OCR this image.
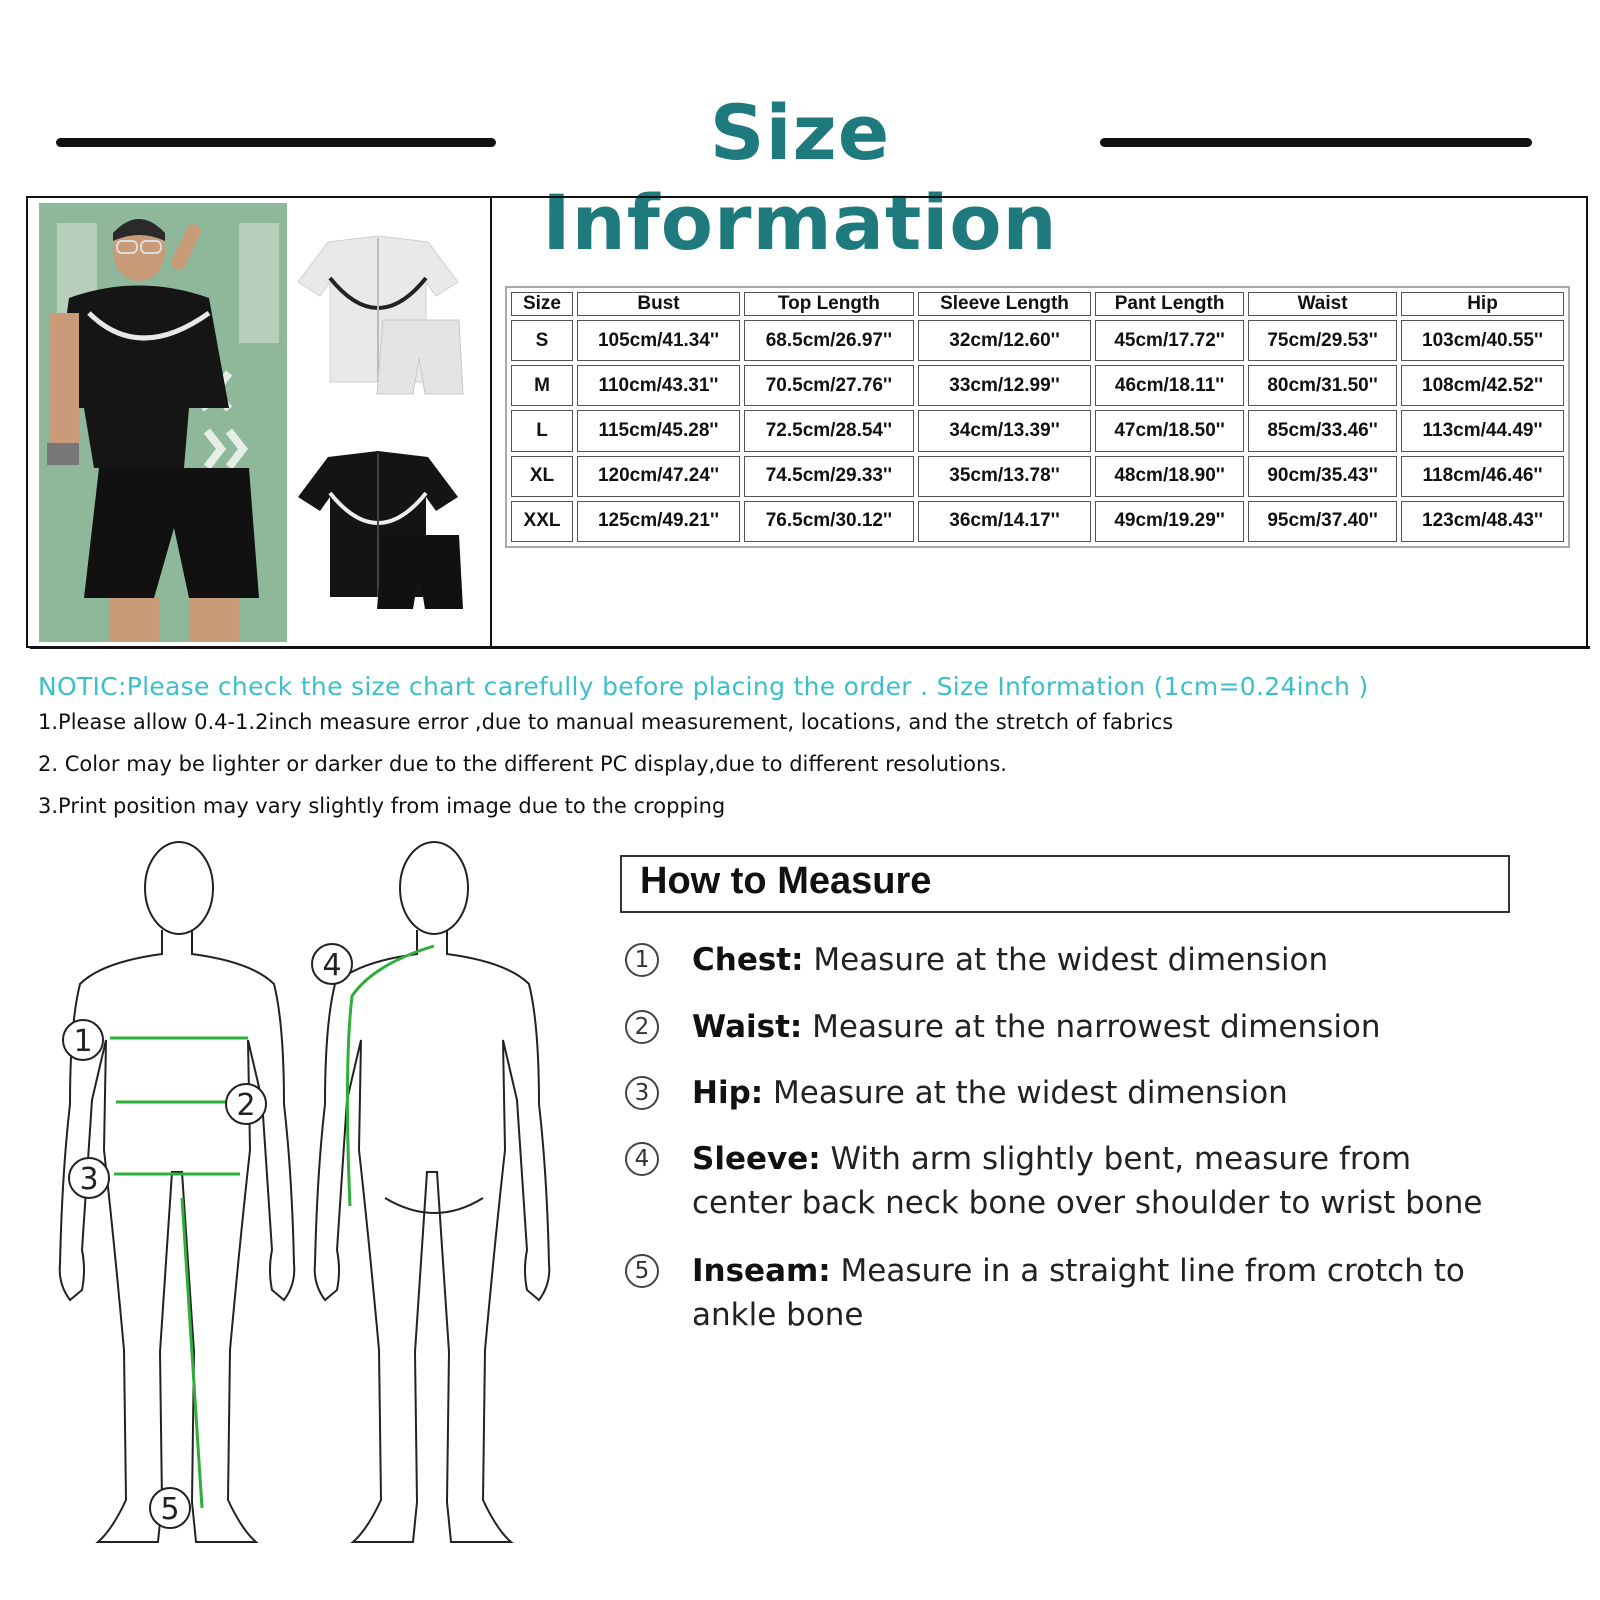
Size Information
Size	Bust	Top Length	Sleeve Length	Pant Length	Waist	Hip
S	105cm/41.34''	68.5cm/26.97''	32cm/12.60''	45cm/17.72''	75cm/29.53''	103cm/40.55''
M	110cm/43.31''	70.5cm/27.76''	33cm/12.99''	46cm/18.11''	80cm/31.50''	108cm/42.52''
L	115cm/45.28''	72.5cm/28.54''	34cm/13.39''	47cm/18.50''	85cm/33.46''	113cm/44.49''
XL	120cm/47.24''	74.5cm/29.33''	35cm/13.78''	48cm/18.90''	90cm/35.43''	118cm/46.46''
XXL	125cm/49.21''	76.5cm/30.12''	36cm/14.17''	49cm/19.29''	95cm/37.40''	123cm/48.43''
NOTIC:Please check the size chart carefully before placing the order . Size Information (1cm=0.24inch )
1.Please allow 0.4-1.2inch measure error ,due to manual measurement, locations, and the stretch of fabrics
2. Color may be lighter or darker due to the different PC display,due to different resolutions.
3.Print position may vary slightly from image due to the cropping
1
2
3
4
5
How to Measure
1	Chest: Measure at the widest dimension
2	Waist: Measure at the narrowest dimension
3	Hip: Measure at the widest dimension
4	Sleeve: With arm slightly bent, measure from
center back neck bone over shoulder to wrist bone
5	Inseam: Measure in a straight line from crotch to
ankle bone
